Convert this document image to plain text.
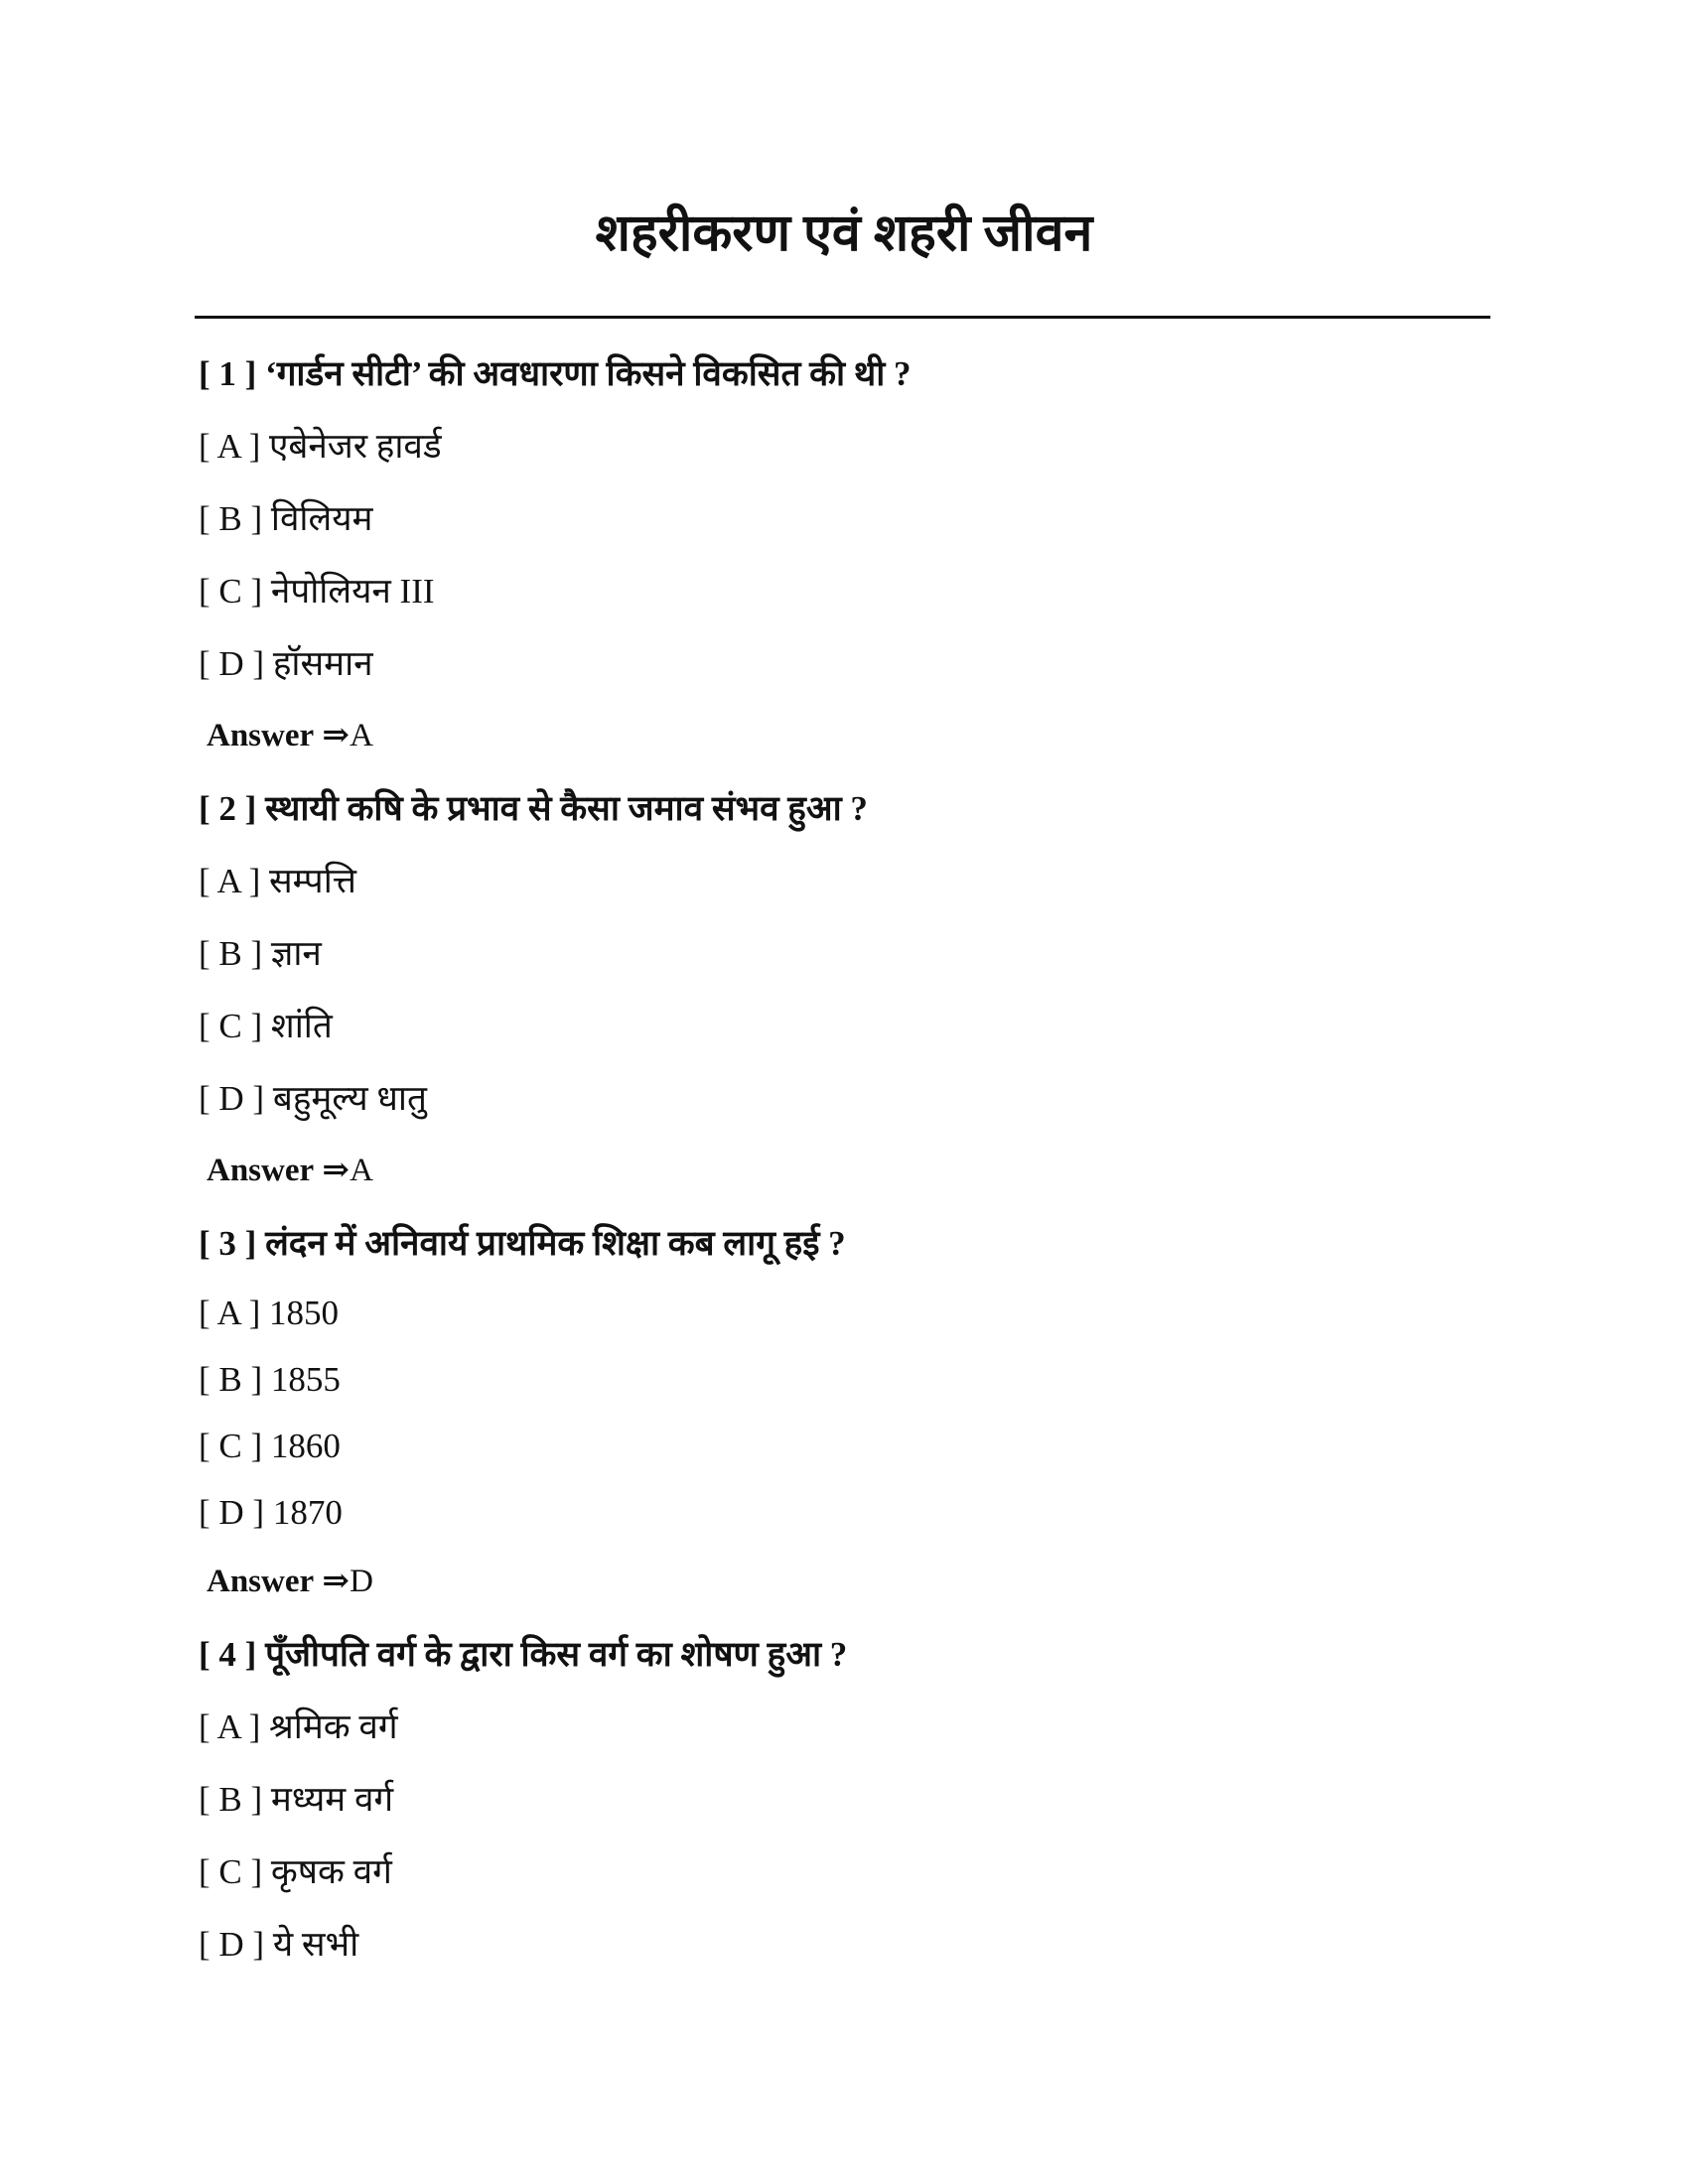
शहरीकरण एवं शहरी जीवन
[ 1 ] ‘गार्डन सीटी’ की अवधारणा किसने विकसित की थी ?
[ A ] एबेनेजर हावर्ड
[ B ] विलियम
[ C ] नेपोलियन III
[ D ] हॉसमान
Answer ⇒A
[ 2 ] स्थायी कषि के प्रभाव से कैसा जमाव संभव हुआ ?
[ A ] सम्पत्ति
[ B ] ज्ञान
[ C ] शांति
[ D ] बहुमूल्य धातु
Answer ⇒A
[ 3 ] लंदन में अनिवार्य प्राथमिक शिक्षा कब लागू हई ?
[ A ] 1850
[ B ] 1855
[ C ] 1860
[ D ] 1870
Answer ⇒D
[ 4 ] पूँजीपति वर्ग के द्वारा किस वर्ग का शोषण हुआ ?
[ A ] श्रमिक वर्ग
[ B ] मध्यम वर्ग
[ C ] कृषक वर्ग
[ D ] ये सभी
